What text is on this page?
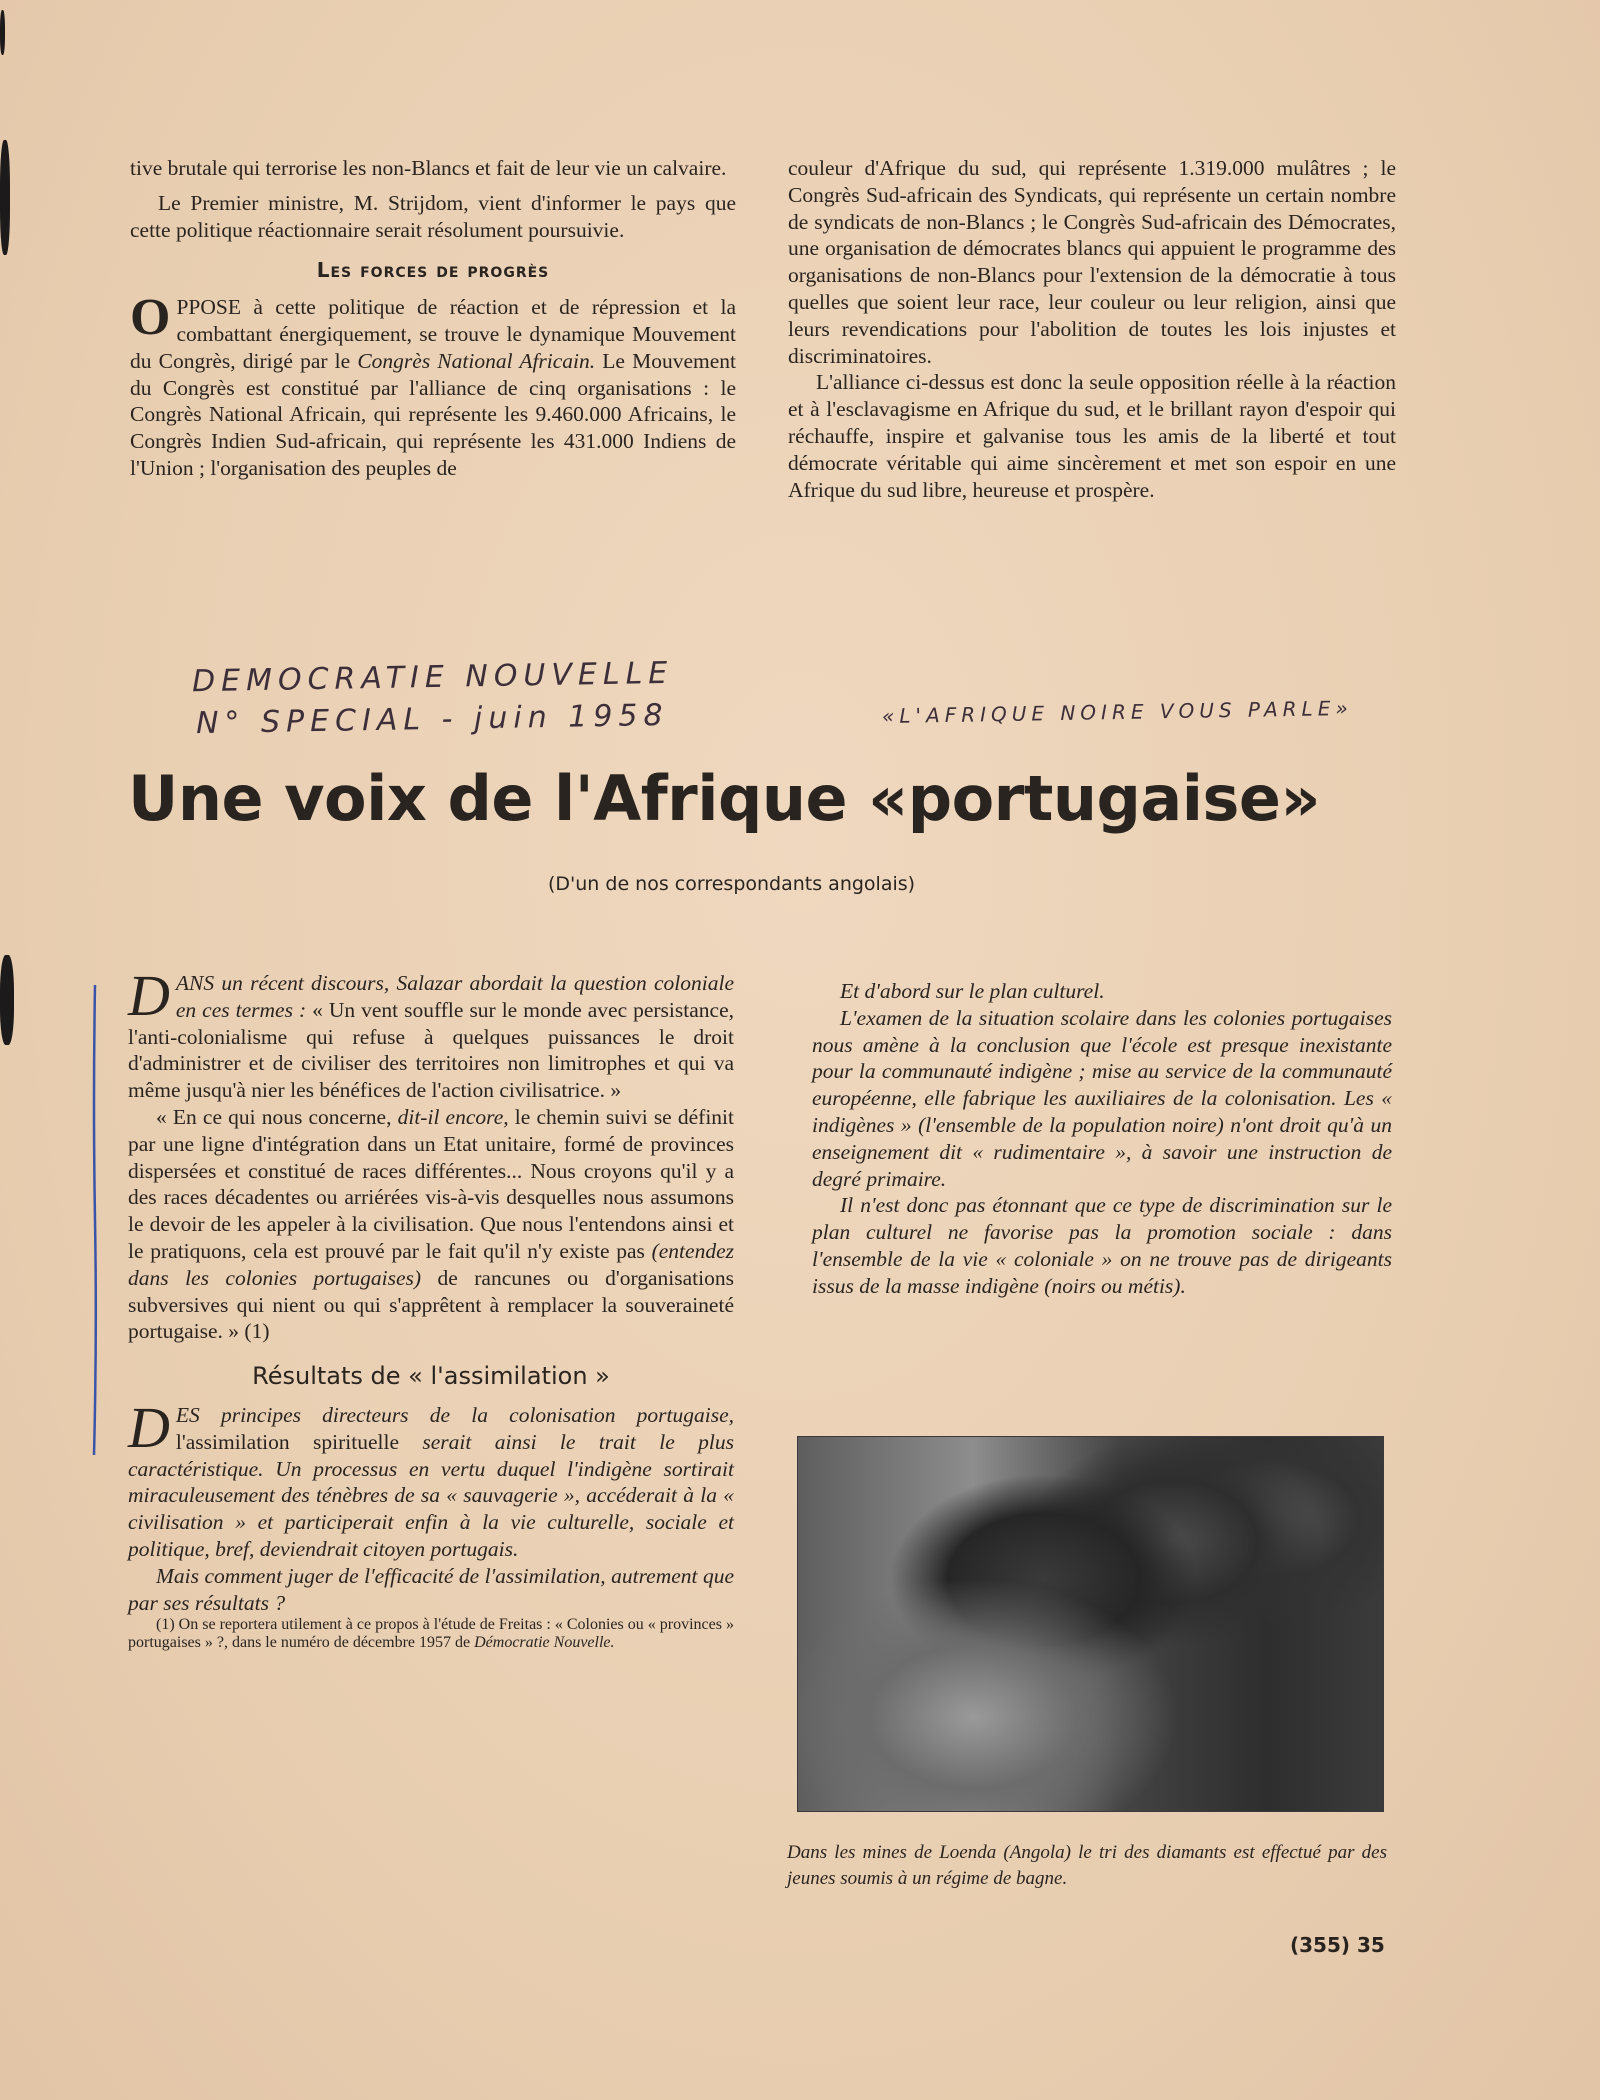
tive brutale qui terrorise les non-Blancs et fait de leur vie un calvaire.

Le Premier ministre, M. Strijdom, vient d'informer le pays que cette politique réactionnaire serait résolument poursuivie.

Les forces de progrès

OPPOSE à cette politique de réaction et de répression et la combattant énergiquement, se trouve le dynamique Mouvement du Congrès, dirigé par le Congrès National Africain. Le Mouvement du Congrès est constitué par l'alliance de cinq organisations : le Congrès National Africain, qui représente les 9.460.000 Africains, le Congrès Indien Sud-africain, qui représente les 431.000 Indiens de l'Union ; l'organisation des peuples de

couleur d'Afrique du sud, qui représente 1.319.000 mulâtres ; le Congrès Sud-africain des Syndicats, qui représente un certain nombre de syndicats de non-Blancs ; le Congrès Sud-africain des Démocrates, une organisation de démocrates blancs qui appuient le programme des organisations de non-Blancs pour l'extension de la démocratie à tous quelles que soient leur race, leur couleur ou leur religion, ainsi que leurs revendications pour l'abolition de toutes les lois injustes et discriminatoires.

L'alliance ci-dessus est donc la seule opposition réelle à la réaction et à l'esclavagisme en Afrique du sud, et le brillant rayon d'espoir qui réchauffe, inspire et galvanise tous les amis de la liberté et tout démocrate véritable qui aime sincèrement et met son espoir en une Afrique du sud libre, heureuse et prospère.

DEMOCRATIE NOUVELLE
N° SPECIAL - juin 1958	«L'AFRIQUE NOIRE VOUS PARLE»
Une voix de l'Afrique «portugaise»
(D'un de nos correspondants angolais)

DANS un récent discours, Salazar abordait la question coloniale en ces termes : « Un vent souffle sur le monde avec persistance, l'anti-colonialisme qui refuse à quelques puissances le droit d'administrer et de civiliser des territoires non limitrophes et qui va même jusqu'à nier les bénéfices de l'action civilisatrice. »

« En ce qui nous concerne, dit-il encore, le chemin suivi se définit par une ligne d'intégration dans un Etat unitaire, formé de provinces dispersées et constitué de races différentes... Nous croyons qu'il y a des races décadentes ou arriérées vis-à-vis desquelles nous assumons le devoir de les appeler à la civilisation. Que nous l'entendons ainsi et le pratiquons, cela est prouvé par le fait qu'il n'y existe pas (entendez dans les colonies portugaises) de rancunes ou d'organisations subversives qui nient ou qui s'apprêtent à remplacer la souveraineté portugaise. » (1)

Résultats de « l'assimilation »

DES principes directeurs de la colonisation portugaise, l'assimilation spirituelle serait ainsi le trait le plus caractéristique. Un processus en vertu duquel l'indigène sortirait miraculeusement des ténèbres de sa « sauvagerie », accéderait à la « civilisation » et participerait enfin à la vie culturelle, sociale et politique, bref, deviendrait citoyen portugais.

Mais comment juger de l'efficacité de l'assimilation, autrement que par ses résultats ?

(1) On se reportera utilement à ce propos à l'étude de Freitas : « Colonies ou « provinces » portugaises » ?, dans le numéro de décembre 1957 de Démocratie Nouvelle.

Et d'abord sur le plan culturel.

L'examen de la situation scolaire dans les colonies portugaises nous amène à la conclusion que l'école est presque inexistante pour la communauté indigène ; mise au service de la communauté européenne, elle fabrique les auxiliaires de la colonisation. Les « indigènes » (l'ensemble de la population noire) n'ont droit qu'à un enseignement dit « rudimentaire », à savoir une instruction de degré primaire.

Il n'est donc pas étonnant que ce type de discrimination sur le plan culturel ne favorise pas la promotion sociale : dans l'ensemble de la vie « coloniale » on ne trouve pas de dirigeants issus de la masse indigène (noirs ou métis).

Dans les mines de Loenda (Angola) le tri des diamants est effectué par des jeunes soumis à un régime de bagne.
(355) 35
